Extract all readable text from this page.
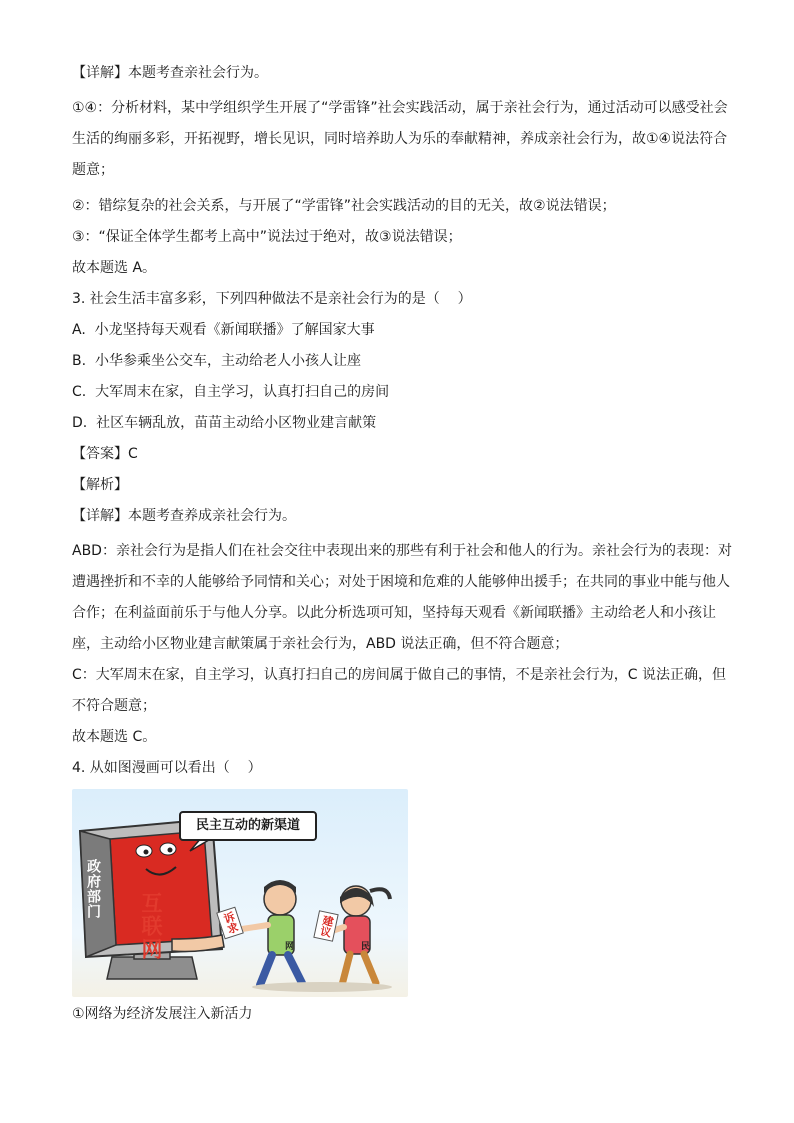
【详解】本题考查亲社会行为。

①④：分析材料，某中学组织学生开展了“学雷锋”社会实践活动，属于亲社会行为，通过活动可以感受社会生活的绚丽多彩，开拓视野，增长见识，同时培养助人为乐的奉献精神，养成亲社会行为，故①④说法符合题意；

②：错综复杂的社会关系，与开展了“学雷锋”社会实践活动的目的无关，故②说法错误；

③：“保证全体学生都考上高中”说法过于绝对，故③说法错误；

故本题选 A。

3. 社会生活丰富多彩，下列四种做法不是亲社会行为的是（    ）

A.  小龙坚持每天观看《新闻联播》了解国家大事

B.  小华参乘坐公交车，主动给老人小孩人让座

C.  大军周末在家，自主学习，认真打扫自己的房间

D.  社区车辆乱放，苗苗主动给小区物业建言献策

【答案】C

【解析】

【详解】本题考查养成亲社会行为。

ABD：亲社会行为是指人们在社会交往中表现出来的那些有利于社会和他人的行为。亲社会行为的表现：对遭遇挫折和不幸的人能够给予同情和关心；对处于困境和危难的人能够伸出援手；在共同的事业中能与他人合作；在利益面前乐于与他人分享。以此分析选项可知，坚持每天观看《新闻联播》主动给老人和小孩让座，主动给小区物业建言献策属于亲社会行为，ABD 说法正确，但不符合题意；

C：大军周末在家，自主学习，认真打扫自己的房间属于做自己的事情，不是亲社会行为，C 说法正确，但不符合题意；

故本题选 C。

4. 从如图漫画可以看出（    ）

民主互动的新渠道
政府部门
互联网	诉求	建议
网	民

①网络为经济发展注入新活力
